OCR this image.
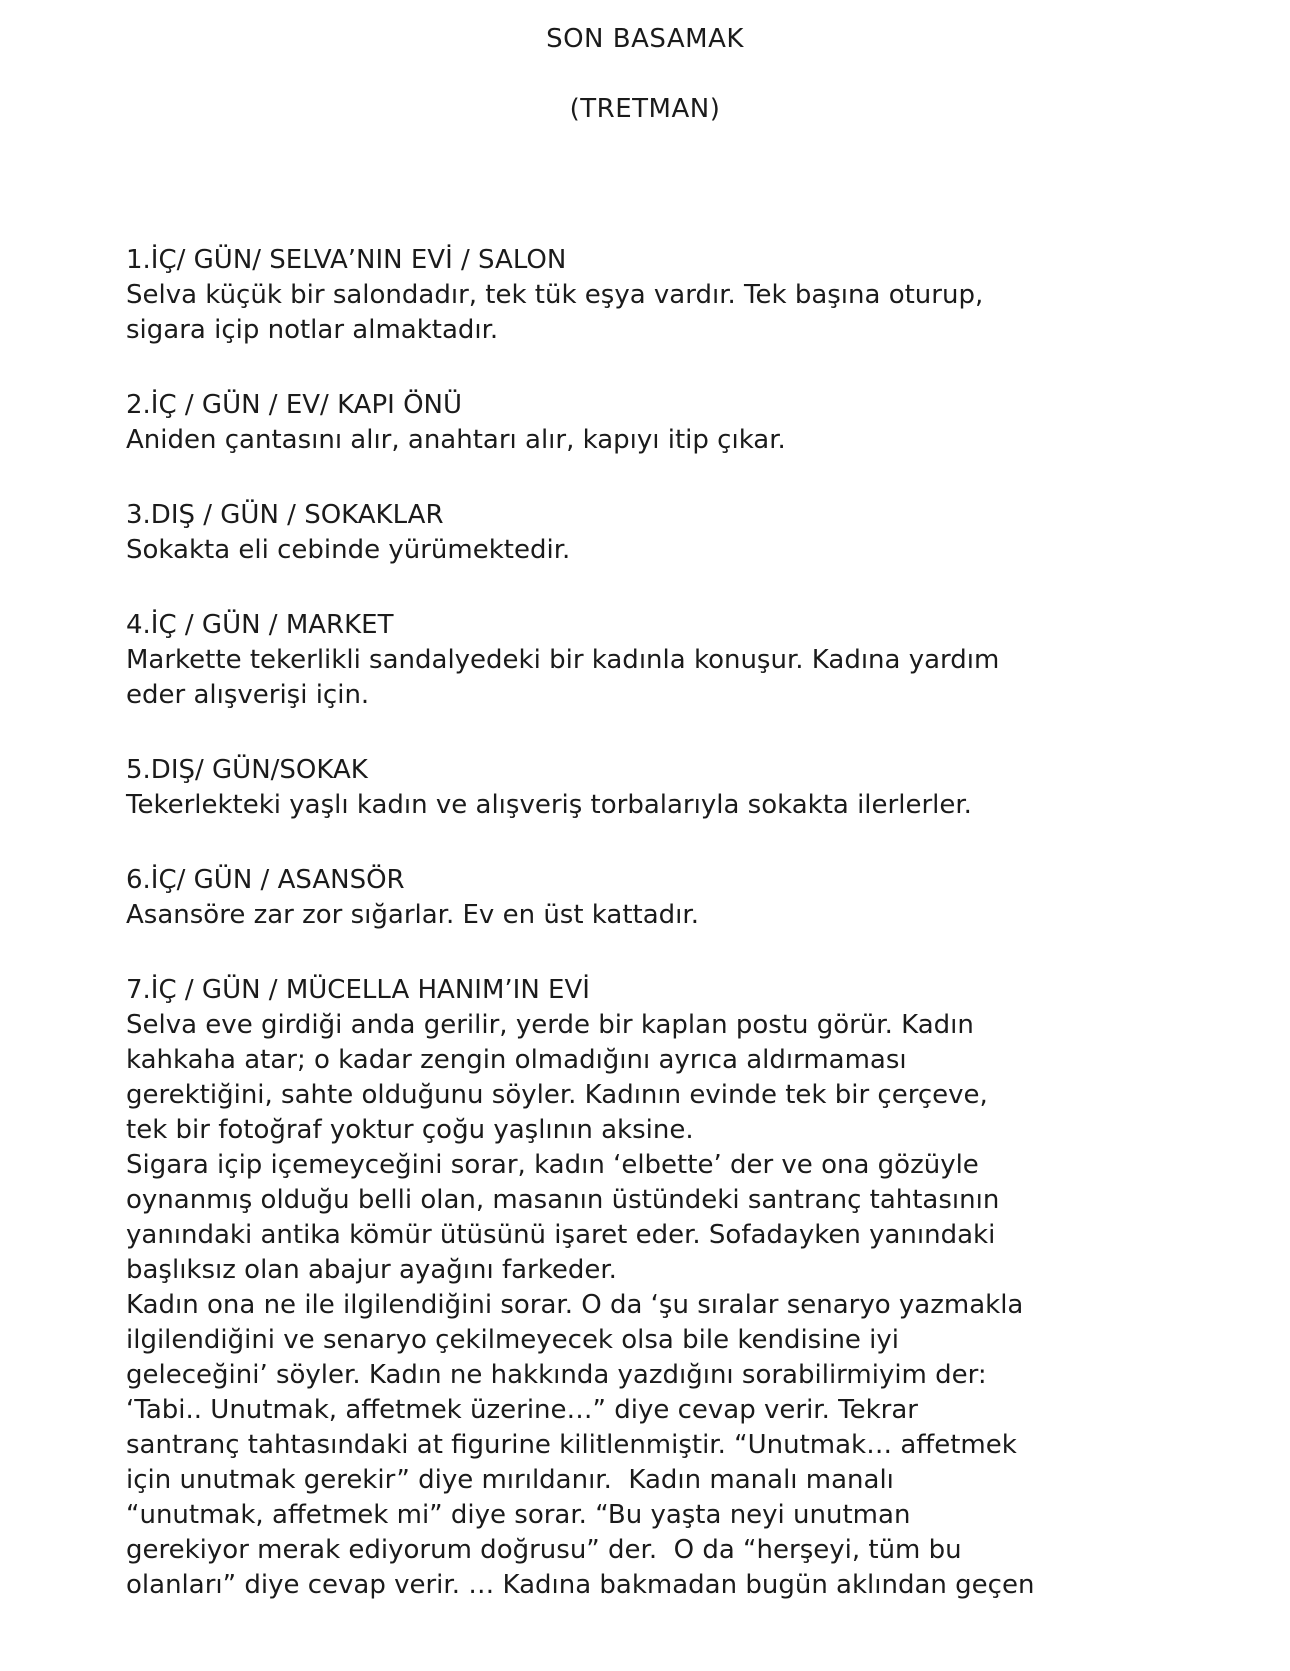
SON BASAMAK
(TRETMAN)
1.İÇ/ GÜN/ SELVA’NIN EVİ / SALON
Selva küçük bir salondadır, tek tük eşya vardır. Tek başına oturup,
sigara içip notlar almaktadır.
2.İÇ / GÜN / EV/ KAPI ÖNÜ
Aniden çantasını alır, anahtarı alır, kapıyı itip çıkar.
3.DIŞ / GÜN / SOKAKLAR
Sokakta eli cebinde yürümektedir.
4.İÇ / GÜN / MARKET
Markette tekerlikli sandalyedeki bir kadınla konuşur. Kadına yardım
eder alışverişi için.
5.DIŞ/ GÜN/SOKAK
Tekerlekteki yaşlı kadın ve alışveriş torbalarıyla sokakta ilerlerler.
6.İÇ/ GÜN / ASANSÖR
Asansöre zar zor sığarlar. Ev en üst kattadır.
7.İÇ / GÜN / MÜCELLA HANIM’IN EVİ
Selva eve girdiği anda gerilir, yerde bir kaplan postu görür. Kadın
kahkaha atar; o kadar zengin olmadığını ayrıca aldırmaması
gerektiğini, sahte olduğunu söyler. Kadının evinde tek bir çerçeve,
tek bir fotoğraf yoktur çoğu yaşlının aksine.
Sigara içip içemeyceğini sorar, kadın ‘elbette’ der ve ona gözüyle
oynanmış olduğu belli olan, masanın üstündeki santranç tahtasının
yanındaki antika kömür ütüsünü işaret eder. Sofadayken yanındaki
başlıksız olan abajur ayağını farkeder.
Kadın ona ne ile ilgilendiğini sorar. O da ‘şu sıralar senaryo yazmakla
ilgilendiğini ve senaryo çekilmeyecek olsa bile kendisine iyi
geleceğini’ söyler. Kadın ne hakkında yazdığını sorabilirmiyim der:
‘Tabi.. Unutmak, affetmek üzerine…” diye cevap verir. Tekrar
santranç tahtasındaki at figurine kilitlenmiştir. “Unutmak… affetmek
için unutmak gerekir” diye mırıldanır.  Kadın manalı manalı
“unutmak, affetmek mi” diye sorar. “Bu yaşta neyi unutman
gerekiyor merak ediyorum doğrusu” der.  O da “herşeyi, tüm bu
olanları” diye cevap verir. … Kadına bakmadan bugün aklından geçen
